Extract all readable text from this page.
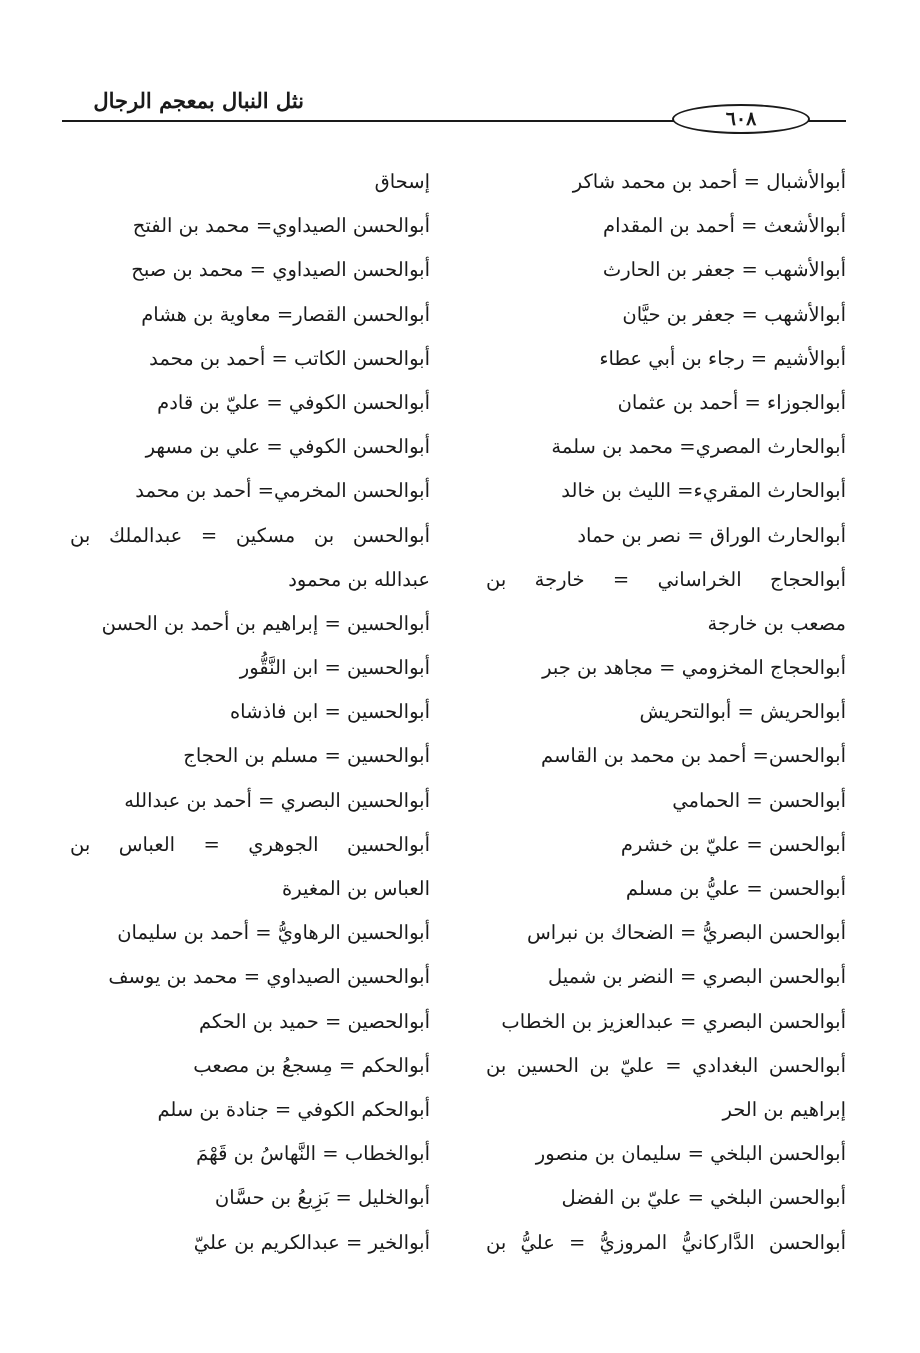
نثل النبال بمعجم الرجال
٦٠٨
أبوالأشبال = أحمد بن محمد شاكر
أبوالأشعث = أحمد بن المقدام
أبوالأشهب = جعفر بن الحارث
أبوالأشهب = جعفر بن حيَّان
أبوالأشيم = رجاء بن أبي عطاء
أبوالجوزاء = أحمد بن عثمان
أبوالحارث المصري= محمد بن سلمة
أبوالحارث المقريء= الليث بن خالد
أبوالحارث الوراق = نصر بن حماد
أبوالحجاج الخراساني = خارجة بن
مصعب بن خارجة
أبوالحجاج المخزومي = مجاهد بن جبر
أبوالحريش = أبوالتحريش
أبوالحسن= أحمد بن محمد بن القاسم
أبوالحسن = الحمامي
أبوالحسن = عليّ بن خشرم
أبوالحسن = عليُّ بن مسلم
أبوالحسن البصريُّ = الضحاك بن نبراس
أبوالحسن البصري = النضر بن شميل
أبوالحسن البصري = عبدالعزيز بن الخطاب
أبوالحسن البغدادي = عليّ بن الحسين بن
إبراهيم بن الحر
أبوالحسن البلخي = سليمان بن منصور
أبوالحسن البلخي = عليّ بن الفضل
أبوالحسن الدَّاركانيُّ المروزيُّ = عليُّ بن
إسحاق
أبوالحسن الصيداوي= محمد بن الفتح
أبوالحسن الصيداوي = محمد بن صبح
أبوالحسن القصار= معاوية بن هشام
أبوالحسن الكاتب = أحمد بن محمد
أبوالحسن الكوفي = عليّ بن قادم
أبوالحسن الكوفي = علي بن مسهر
أبوالحسن المخرمي= أحمد بن محمد
أبوالحسن بن مسكين = عبدالملك بن
عبدالله بن محمود
أبوالحسين = إبراهيم بن أحمد بن الحسن
أبوالحسين = ابن النَّقُّور
أبوالحسين = ابن فاذشاه
أبوالحسين = مسلم بن الحجاج
أبوالحسين البصري = أحمد بن عبدالله
أبوالحسين الجوهري = العباس بن
العباس بن المغيرة
أبوالحسين الرهاويُّ = أحمد بن سليمان
أبوالحسين الصيداوي = محمد بن يوسف
أبوالحصين = حميد بن الحكم
أبوالحكم = مِسجعُ بن مصعب
أبوالحكم الكوفي = جنادة بن سلم
أبوالخطاب = النَّهاسُ بن قَهْمَ
أبوالخليل = بَزِيعُ بن حسَّان
أبوالخير = عبدالكريم بن عليّ
